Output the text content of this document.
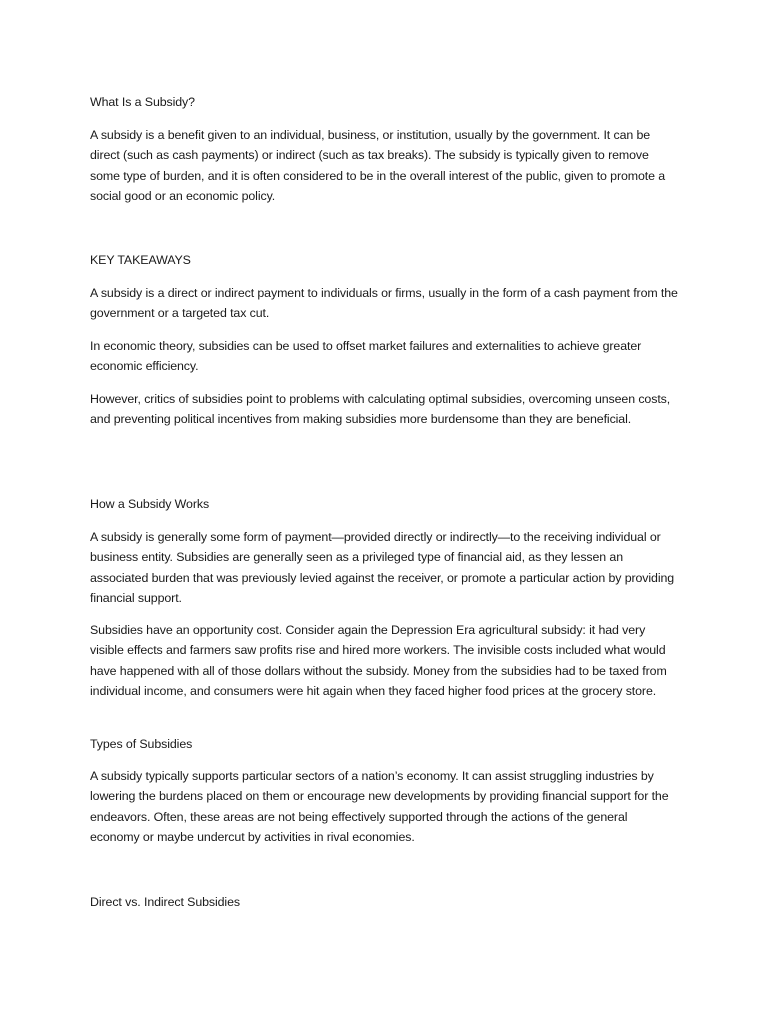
What Is a Subsidy?

A subsidy is a benefit given to an individual, business, or institution, usually by the government. It can be direct (such as cash payments) or indirect (such as tax breaks). The subsidy is typically given to remove some type of burden, and it is often considered to be in the overall interest of the public, given to promote a social good or an economic policy.

KEY TAKEAWAYS

A subsidy is a direct or indirect payment to individuals or firms, usually in the form of a cash payment from the government or a targeted tax cut.

In economic theory, subsidies can be used to offset market failures and externalities to achieve greater economic efficiency.

However, critics of subsidies point to problems with calculating optimal subsidies, overcoming unseen costs, and preventing political incentives from making subsidies more burdensome than they are beneficial.

How a Subsidy Works

A subsidy is generally some form of payment—provided directly or indirectly—to the receiving individual or business entity. Subsidies are generally seen as a privileged type of financial aid, as they lessen an associated burden that was previously levied against the receiver, or promote a particular action by providing financial support.

Subsidies have an opportunity cost. Consider again the Depression Era agricultural subsidy: it had very visible effects and farmers saw profits rise and hired more workers. The invisible costs included what would have happened with all of those dollars without the subsidy. Money from the subsidies had to be taxed from individual income, and consumers were hit again when they faced higher food prices at the grocery store.

Types of Subsidies

A subsidy typically supports particular sectors of a nation’s economy. It can assist struggling industries by lowering the burdens placed on them or encourage new developments by providing financial support for the endeavors. Often, these areas are not being effectively supported through the actions of the general economy or maybe undercut by activities in rival economies.

Direct vs. Indirect Subsidies
